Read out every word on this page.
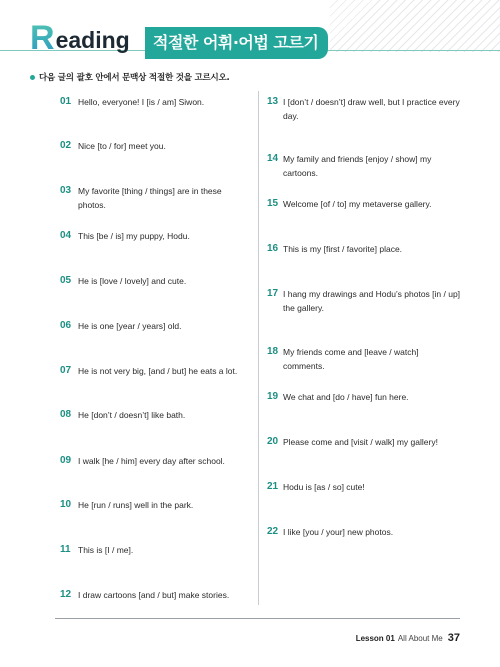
R eading	적절한 어휘·어법 고르기
다음 글의 괄호 안에서 문맥상 적절한 것을 고르시오.
01 Hello, everyone! I [is / am] Siwon.
02 Nice [to / for] meet you.
03 My favorite [thing / things] are in these photos.
04 This [be / is] my puppy, Hodu.
05 He is [love / lovely] and cute.
06 He is one [year / years] old.
07 He is not very big, [and / but] he eats a lot.
08 He [don’t / doesn’t] like bath.
09 I walk [he / him] every day after school.
10 He [run / runs] well in the park.
11 This is [I / me].
12 I draw cartoons [and / but] make stories.
13 I [don’t / doesn’t] draw well, but I practice every day.
14 My family and friends [enjoy / show] my cartoons.
15 Welcome [of / to] my metaverse gallery.
16 This is my [first / favorite] place.
17 I hang my drawings and Hodu’s photos [in / up] the gallery.
18 My friends come and [leave / watch] comments.
19 We chat and [do / have] fun here.
20 Please come and [visit / walk] my gallery!
21 Hodu is [as / so] cute!
22 I like [you / your] new photos.
Lesson 01 All About Me 37
